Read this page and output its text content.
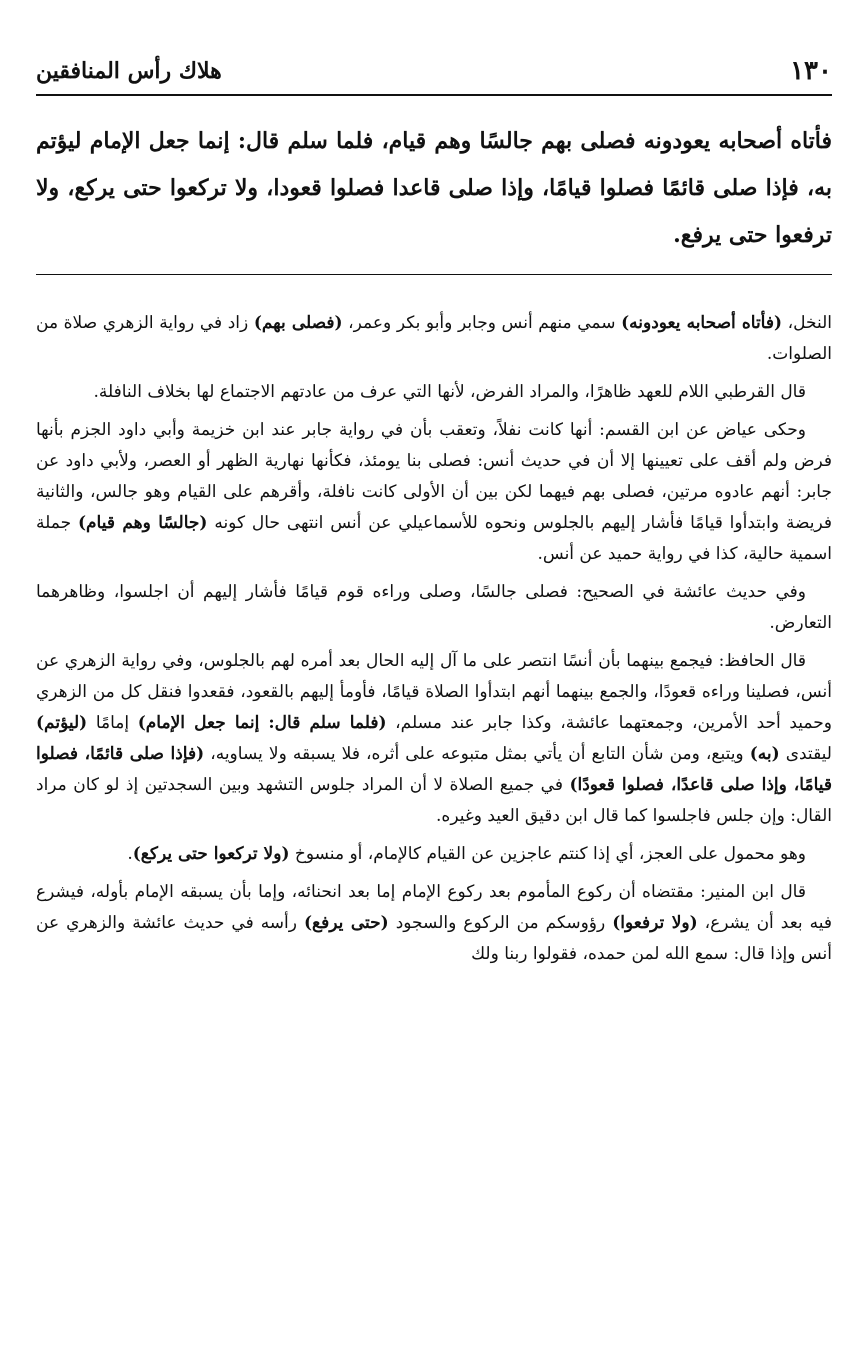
١٣٠
هلاك رأس المنافقين
فأتاه أصحابه يعودونه فصلى بهم جالسًا وهم قيام، فلما سلم قال: إنما جعل الإمام ليؤتم به، فإذا صلى قائمًا فصلوا قيامًا، وإذا صلى قاعدا فصلوا قعودا، ولا تركعوا حتى يركع، ولا ترفعوا حتى يرفع.

النخل، (فأتاه أصحابه يعودونه) سمي منهم أنس وجابر وأبو بكر وعمر، (فصلى بهم) زاد في رواية الزهري صلاة من الصلوات.

قال القرطبي اللام للعهد ظاهرًا، والمراد الفرض، لأنها التي عرف من عادتهم الاجتماع لها بخلاف النافلة.

وحكى عياض عن ابن القسم: أنها كانت نفلاً، وتعقب بأن في رواية جابر عند ابن خزيمة وأبي داود الجزم بأنها فرض ولم أقف على تعيينها إلا أن في حديث أنس: فصلى بنا يومئذ، فكأنها نهارية الظهر أو العصر، ولأبي داود عن جابر: أنهم عادوه مرتين، فصلى بهم فيهما لكن بين أن الأولى كانت نافلة، وأقرهم على القيام وهو جالس، والثانية فريضة وابتدأوا قيامًا فأشار إليهم بالجلوس ونحوه للأسماعيلي عن أنس انتهى حال كونه (جالسًا وهم قيام) جملة اسمية حالية، كذا في رواية حميد عن أنس.

وفي حديث عائشة في الصحيح: فصلى جالسًا، وصلى وراءه قوم قيامًا فأشار إليهم أن اجلسوا، وظاهرهما التعارض.

قال الحافظ: فيجمع بينهما بأن أنسًا انتصر على ما آل إليه الحال بعد أمره لهم بالجلوس، وفي رواية الزهري عن أنس، فصلينا وراءه قعودًا، والجمع بينهما أنهم ابتدأوا الصلاة قيامًا، فأومأ إليهم بالقعود، فقعدوا فنقل كل من الزهري وحميد أحد الأمرين، وجمعتهما عائشة، وكذا جابر عند مسلم، (فلما سلم قال: إنما جعل الإمام) إمامًا (ليؤتم) ليقتدى (به) ويتبع، ومن شأن التابع أن يأتي بمثل متبوعه على أثره، فلا يسبقه ولا يساويه، (فإذا صلى قائمًا، فصلوا قيامًا، وإذا صلى قاعدًا، فصلوا قعودًا) في جميع الصلاة لا أن المراد جلوس التشهد وبين السجدتين إذ لو كان مراد القال: وإن جلس فاجلسوا كما قال ابن دقيق العيد وغيره.

وهو محمول على العجز، أي إذا كنتم عاجزين عن القيام كالإمام، أو منسوخ (ولا تركعوا حتى يركع).

قال ابن المنير: مقتضاه أن ركوع المأموم بعد ركوع الإمام إما بعد انحنائه، وإما بأن يسبقه الإمام بأوله، فيشرع فيه بعد أن يشرع، (ولا ترفعوا) رؤوسكم من الركوع والسجود (حتى يرفع) رأسه في حديث عائشة والزهري عن أنس وإذا قال: سمع الله لمن حمده، فقولوا ربنا ولك
